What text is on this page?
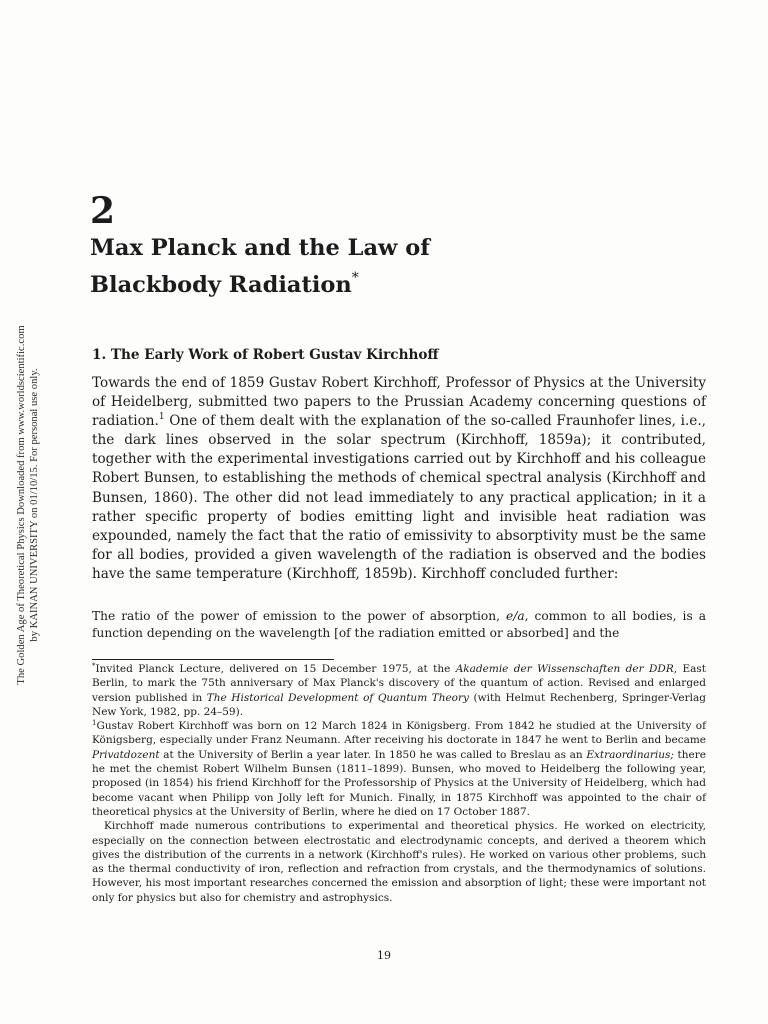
The Golden Age of Theoretical Physics Downloaded from www.worldscientific.com by KAINAN UNIVERSITY on 01/10/15. For personal use only.
2
Max Planck and the Law of
Blackbody Radiation*
1. The Early Work of Robert Gustav Kirchhoff

Towards the end of 1859 Gustav Robert Kirchhoff, Professor of Physics at the University of Heidelberg, submitted two papers to the Prussian Academy concerning questions of radiation.$^1$ One of them dealt with the explanation of the so-called Fraunhofer lines, i.e., the dark lines observed in the solar spectrum (Kirchhoff, 1859a); it contributed, together with the experimental investigations carried out by Kirchhoff and his colleague Robert Bunsen, to establishing the methods of chemical spectral analysis (Kirchhoff and Bunsen, 1860). The other did not lead immediately to any practical application; in it a rather specific property of bodies emitting light and invisible heat radiation was expounded, namely the fact that the ratio of emissivity to absorptivity must be the same for all bodies, provided a given wavelength of the radiation is observed and the bodies have the same temperature (Kirchhoff, 1859b). Kirchhoff concluded further:

The ratio of the power of emission to the power of absorption, e/a, common to all bodies, is a function depending on the wavelength [of the radiation emitted or absorbed] and the

*Invited Planck Lecture, delivered on 15 December 1975, at the Akademie der Wissenschaften der DDR, East Berlin, to mark the 75th anniversary of Max Planck's discovery of the quantum of action. Revised and enlarged version published in The Historical Development of Quantum Theory (with Helmut Rechenberg, Springer-Verlag New York, 1982, pp. 24–59).

$^1$Gustav Robert Kirchhoff was born on 12 March 1824 in Königsberg. From 1842 he studied at the University of Königsberg, especially under Franz Neumann. After receiving his doctorate in 1847 he went to Berlin and became Privatdozent at the University of Berlin a year later. In 1850 he was called to Breslau as an Extraordinarius; there he met the chemist Robert Wilhelm Bunsen (1811–1899). Bunsen, who moved to Heidelberg the following year, proposed (in 1854) his friend Kirchhoff for the Professorship of Physics at the University of Heidelberg, which had become vacant when Philipp von Jolly left for Munich. Finally, in 1875 Kirchhoff was appointed to the chair of theoretical physics at the University of Berlin, where he died on 17 October 1887.

Kirchhoff made numerous contributions to experimental and theoretical physics. He worked on electricity, especially on the connection between electrostatic and electrodynamic concepts, and derived a theorem which gives the distribution of the currents in a network (Kirchhoff's rules). He worked on various other problems, such as the thermal conductivity of iron, reflection and refraction from crystals, and the thermodynamics of solutions. However, his most important researches concerned the emission and absorption of light; these were important not only for physics but also for chemistry and astrophysics.

19
